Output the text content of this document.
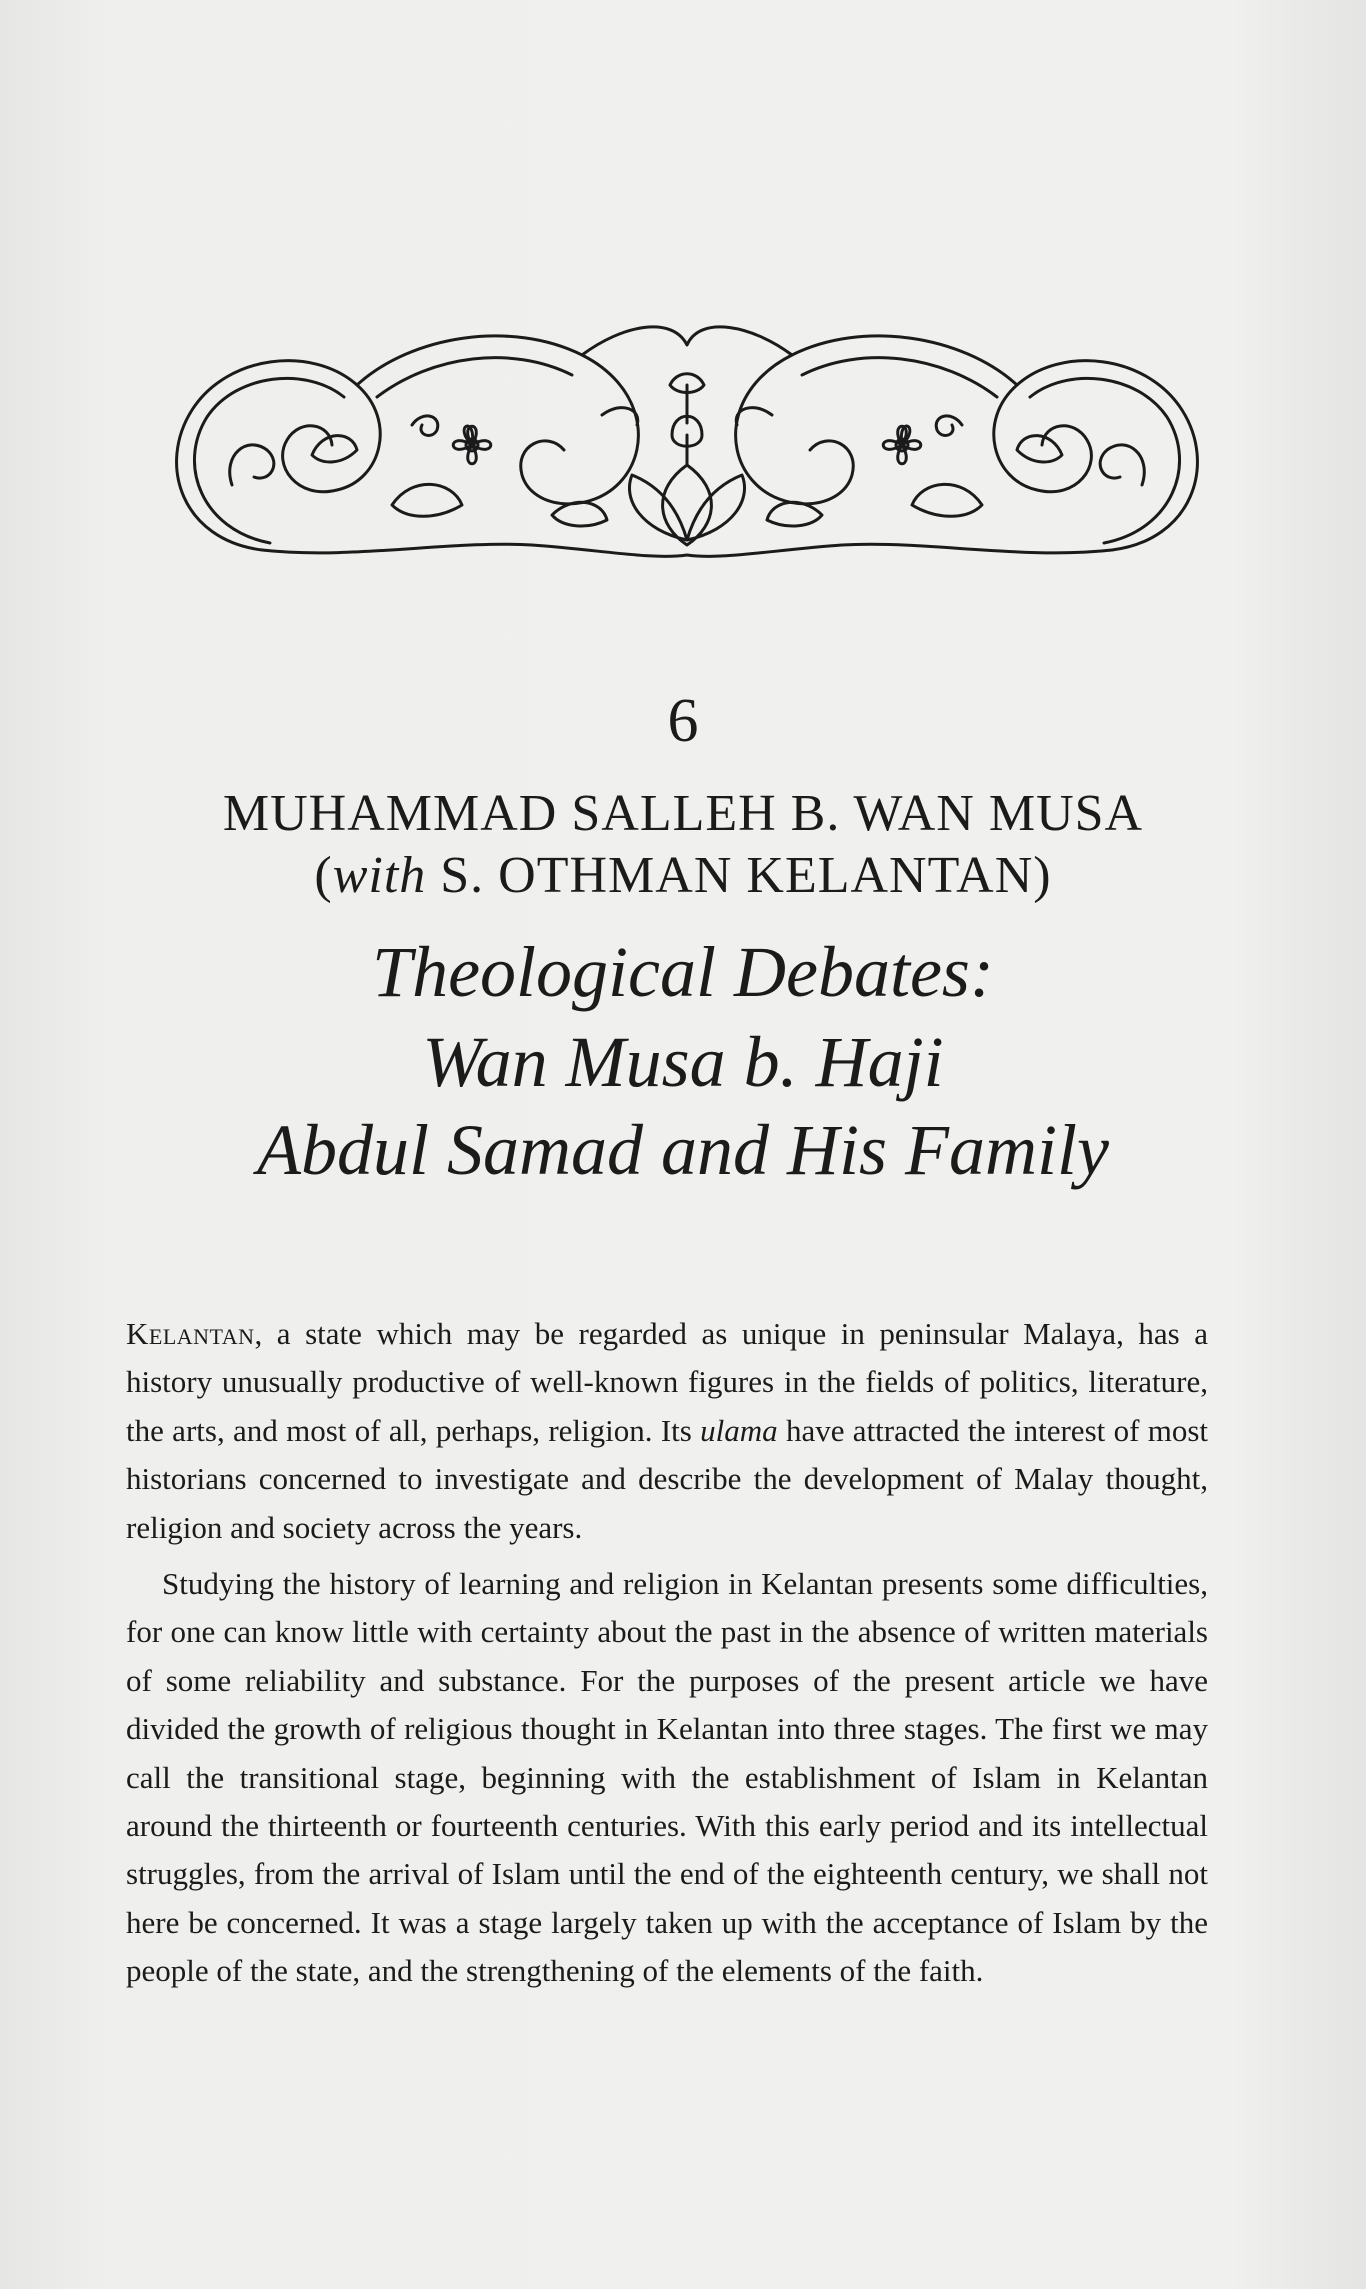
6
MUHAMMAD SALLEH B. WAN MUSA
(with S. OTHMAN KELANTAN)
Theological Debates:
Wan Musa b. Haji
Abdul Samad and His Family

Kelantan, a state which may be regarded as unique in peninsular Malaya, has a history unusually productive of well-known figures in the fields of politics, literature, the arts, and most of all, perhaps, religion. Its ulama have attracted the interest of most historians concerned to investigate and describe the development of Malay thought, religion and society across the years.

Studying the history of learning and religion in Kelantan presents some difficulties, for one can know little with certainty about the past in the absence of written materials of some reliability and substance. For the purposes of the present article we have divided the growth of religious thought in Kelantan into three stages. The first we may call the transitional stage, beginning with the establishment of Islam in Kelantan around the thirteenth or fourteenth centuries. With this early period and its intellectual struggles, from the arrival of Islam until the end of the eighteenth century, we shall not here be concerned. It was a stage largely taken up with the acceptance of Islam by the people of the state, and the strengthening of the elements of the faith.
